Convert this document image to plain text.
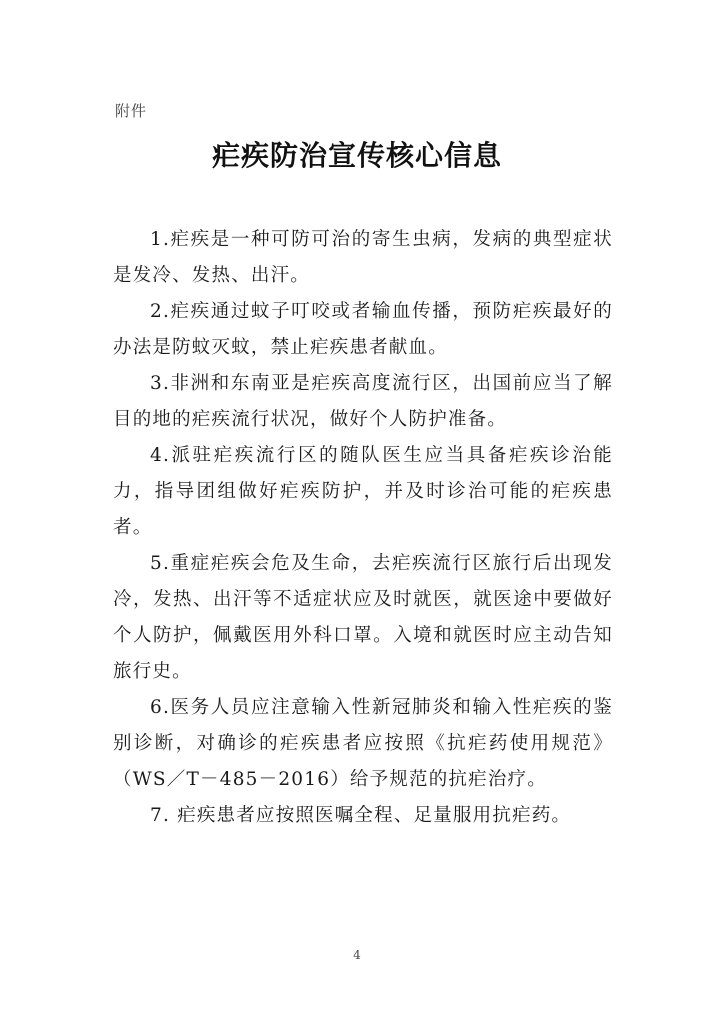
附件
疟疾防治宣传核心信息

1.疟疾是一种可防可治的寄生虫病，发病的典型症状是发冷、发热、出汗。

2.疟疾通过蚊子叮咬或者输血传播，预防疟疾最好的办法是防蚊灭蚊，禁止疟疾患者献血。

3.非洲和东南亚是疟疾高度流行区，出国前应当了解目的地的疟疾流行状况，做好个人防护准备。

4.派驻疟疾流行区的随队医生应当具备疟疾诊治能力，指导团组做好疟疾防护，并及时诊治可能的疟疾患者。

5.重症疟疾会危及生命，去疟疾流行区旅行后出现发冷，发热、出汗等不适症状应及时就医，就医途中要做好个人防护，佩戴医用外科口罩。入境和就医时应主动告知旅行史。

6.医务人员应注意输入性新冠肺炎和输入性疟疾的鉴别诊断，对确诊的疟疾患者应按照《抗疟药使用规范》（WS／T－485－2016）给予规范的抗疟治疗。

7. 疟疾患者应按照医嘱全程、足量服用抗疟药。

4
